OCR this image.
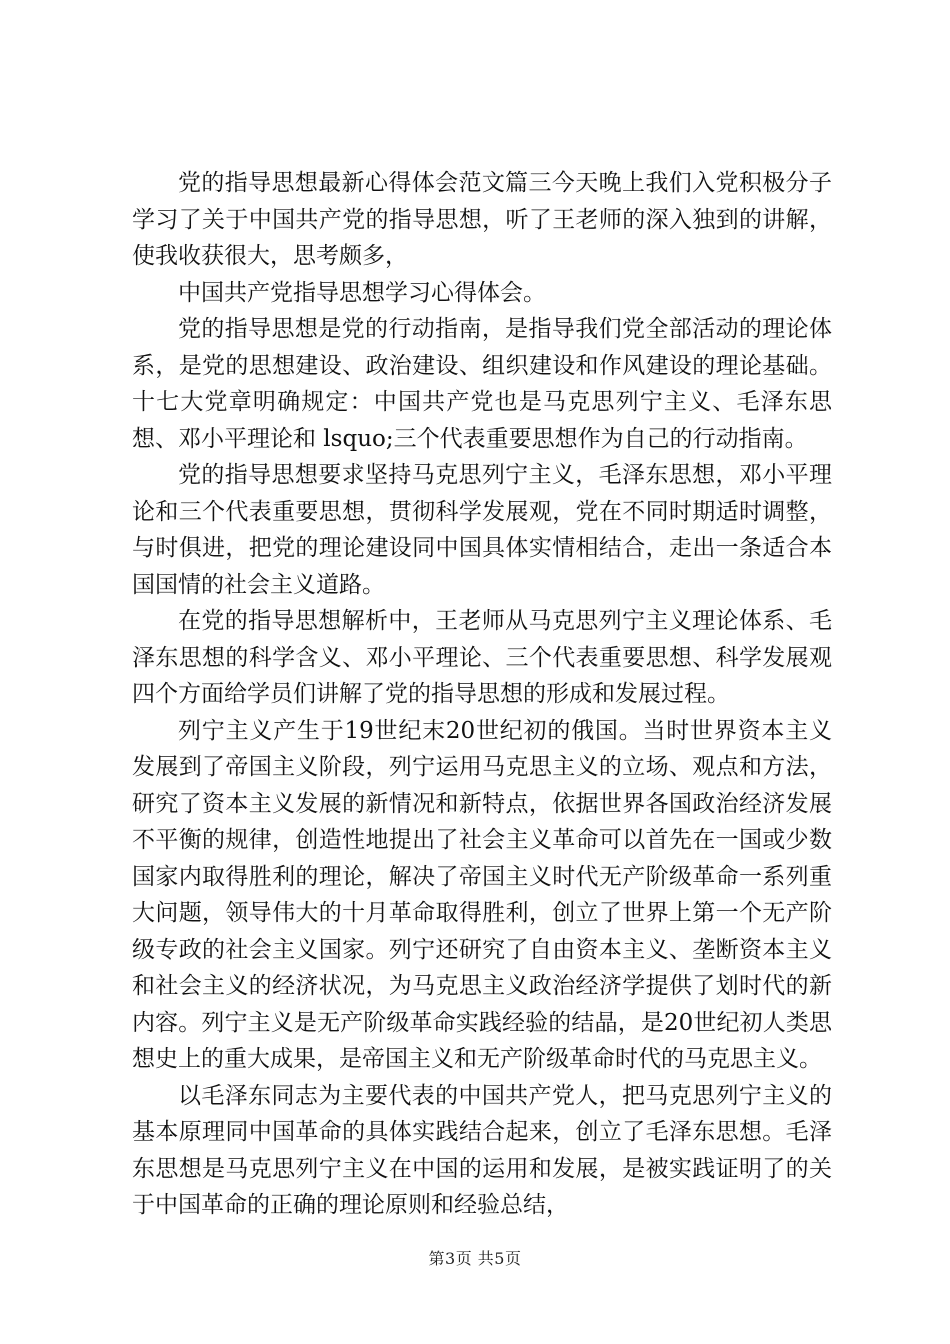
党的指导思想最新心得体会范文篇三今天晚上我们入党积极分子学习了关于中国共产党的指导思想，听了王老师的深入独到的讲解，使我收获很大，思考颇多，

中国共产党指导思想学习心得体会。

党的指导思想是党的行动指南，是指导我们党全部活动的理论体系，是党的思想建设、政治建设、组织建设和作风建设的理论基础。十七大党章明确规定：中国共产党也是马克思列宁主义、毛泽东思想、邓小平理论和 lsquo;三个代表重要思想作为自己的行动指南。

党的指导思想要求坚持马克思列宁主义，毛泽东思想，邓小平理论和三个代表重要思想，贯彻科学发展观，党在不同时期适时调整，与时俱进，把党的理论建设同中国具体实情相结合，走出一条适合本国国情的社会主义道路。

在党的指导思想解析中，王老师从马克思列宁主义理论体系、毛泽东思想的科学含义、邓小平理论、三个代表重要思想、科学发展观四个方面给学员们讲解了党的指导思想的形成和发展过程。

列宁主义产生于19世纪末20世纪初的俄国。当时世界资本主义发展到了帝国主义阶段，列宁运用马克思主义的立场、观点和方法，研究了资本主义发展的新情况和新特点，依据世界各国政治经济发展不平衡的规律，创造性地提出了社会主义革命可以首先在一国或少数国家内取得胜利的理论，解决了帝国主义时代无产阶级革命一系列重大问题，领导伟大的十月革命取得胜利，创立了世界上第一个无产阶级专政的社会主义国家。列宁还研究了自由资本主义、垄断资本主义和社会主义的经济状况，为马克思主义政治经济学提供了划时代的新内容。列宁主义是无产阶级革命实践经验的结晶，是20世纪初人类思想史上的重大成果，是帝国主义和无产阶级革命时代的马克思主义。

以毛泽东同志为主要代表的中国共产党人，把马克思列宁主义的基本原理同中国革命的具体实践结合起来，创立了毛泽东思想。毛泽东思想是马克思列宁主义在中国的运用和发展，是被实践证明了的关于中国革命的正确的理论原则和经验总结，

第3页 共5页
